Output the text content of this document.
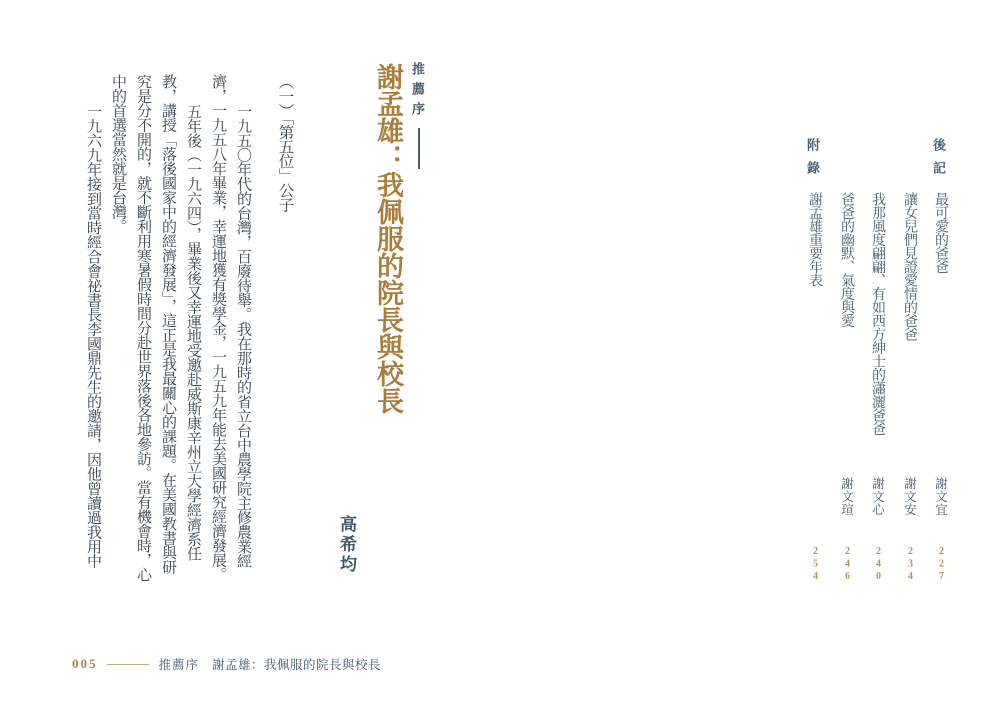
後記
最可愛的爸爸
謝文宜
227
讓女兒們見證愛情的爸爸
謝文安
234
我那風度翩翩、有如西方紳士的瀟灑爸爸
謝文心
240
爸爸的幽默、氣度與愛
謝文瑄
246
附錄
謝孟雄重要年表
254
推薦序
謝孟雄：我佩服的院長與校長
高希均
（一）「第五位」公子

一九五〇年代的台灣，百廢待舉。我在那時的省立台中農學院主修農業經濟，一九五八年畢業，幸運地獲有獎學金，一九五九年能去美國研究經濟發展。

五年後（一九六四），畢業後又幸運地受邀赴威斯康辛州立大學經濟系任教，講授「落後國家中的經濟發展」，這正是我最關心的課題。在美國教書與研究是分不開的，就不斷利用寒暑假時間分赴世界落後各地參訪。當有機會時，心中的首選當然就是台灣。

一九六九年接到當時經合會祕書長李國鼎先生的邀請，因他曾讀過我用中

005	推薦序 謝孟雄：我佩服的院長與校長
